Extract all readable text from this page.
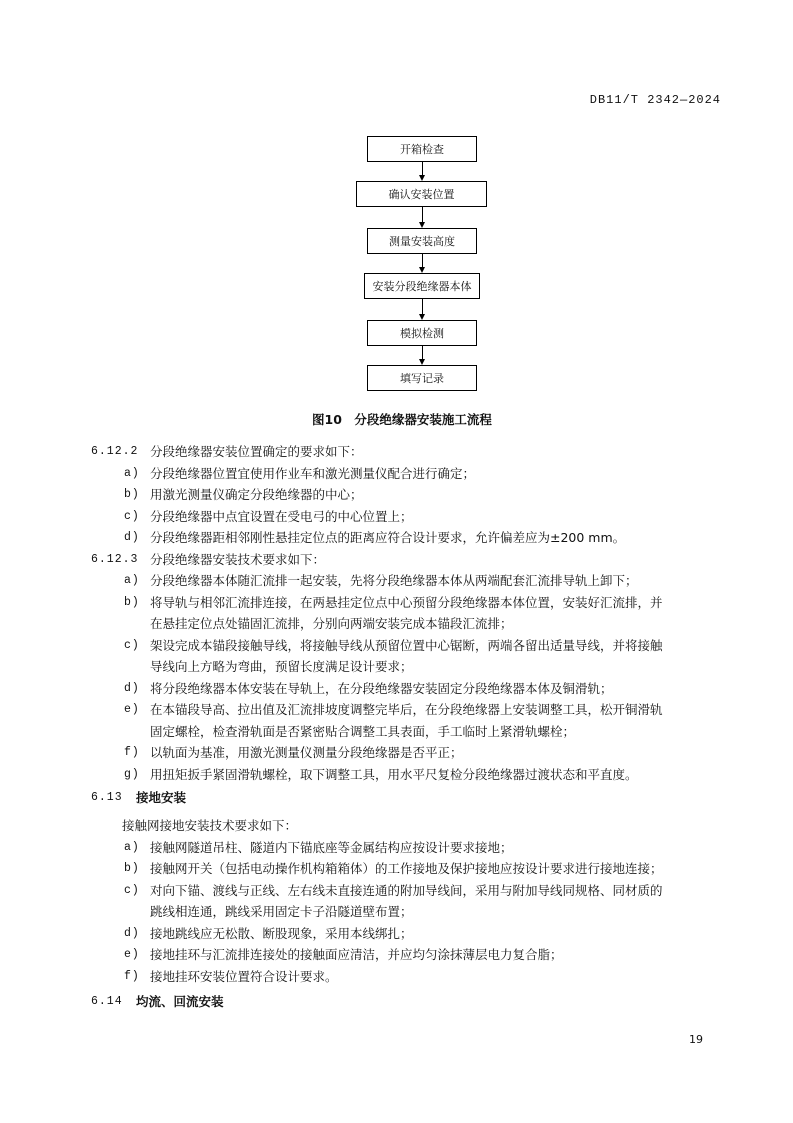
DB11/T 2342—2024
开箱检查
确认安装位置
测量安装高度
安装分段绝缘器本体
模拟检测
填写记录
图10　分段绝缘器安装施工流程
6.12.2 分段绝缘器安装位置确定的要求如下：
a) 分段绝缘器位置宜使用作业车和激光测量仪配合进行确定；
b) 用激光测量仪确定分段绝缘器的中心；
c) 分段绝缘器中点宜设置在受电弓的中心位置上；
d) 分段绝缘器距相邻刚性悬挂定位点的距离应符合设计要求，允许偏差应为±200 mm。
6.12.3 分段绝缘器安装技术要求如下：
a) 分段绝缘器本体随汇流排一起安装，先将分段绝缘器本体从两端配套汇流排导轨上卸下；
b) 将导轨与相邻汇流排连接，在两悬挂定位点中心预留分段绝缘器本体位置，安装好汇流排，并
在悬挂定位点处锚固汇流排，分别向两端安装完成本锚段汇流排；
c) 架设完成本锚段接触导线，将接触导线从预留位置中心锯断，两端各留出适量导线，并将接触
导线向上方略为弯曲，预留长度满足设计要求；
d) 将分段绝缘器本体安装在导轨上，在分段绝缘器安装固定分段绝缘器本体及铜滑轨；
e) 在本锚段导高、拉出值及汇流排坡度调整完毕后，在分段绝缘器上安装调整工具，松开铜滑轨
固定螺栓，检查滑轨面是否紧密贴合调整工具表面，手工临时上紧滑轨螺栓；
f) 以轨面为基准，用激光测量仪测量分段绝缘器是否平正；
g) 用扭矩扳手紧固滑轨螺栓，取下调整工具，用水平尺复检分段绝缘器过渡状态和平直度。
6.13 接地安装
接触网接地安装技术要求如下：
a) 接触网隧道吊柱、隧道内下锚底座等金属结构应按设计要求接地；
b) 接触网开关（包括电动操作机构箱箱体）的工作接地及保护接地应按设计要求进行接地连接；
c) 对向下锚、渡线与正线、左右线未直接连通的附加导线间，采用与附加导线同规格、同材质的
跳线相连通，跳线采用固定卡子沿隧道壁布置；
d) 接地跳线应无松散、断股现象，采用本线绑扎；
e) 接地挂环与汇流排连接处的接触面应清洁，并应均匀涂抹薄层电力复合脂；
f) 接地挂环安装位置符合设计要求。
6.14 均流、回流安装
19
